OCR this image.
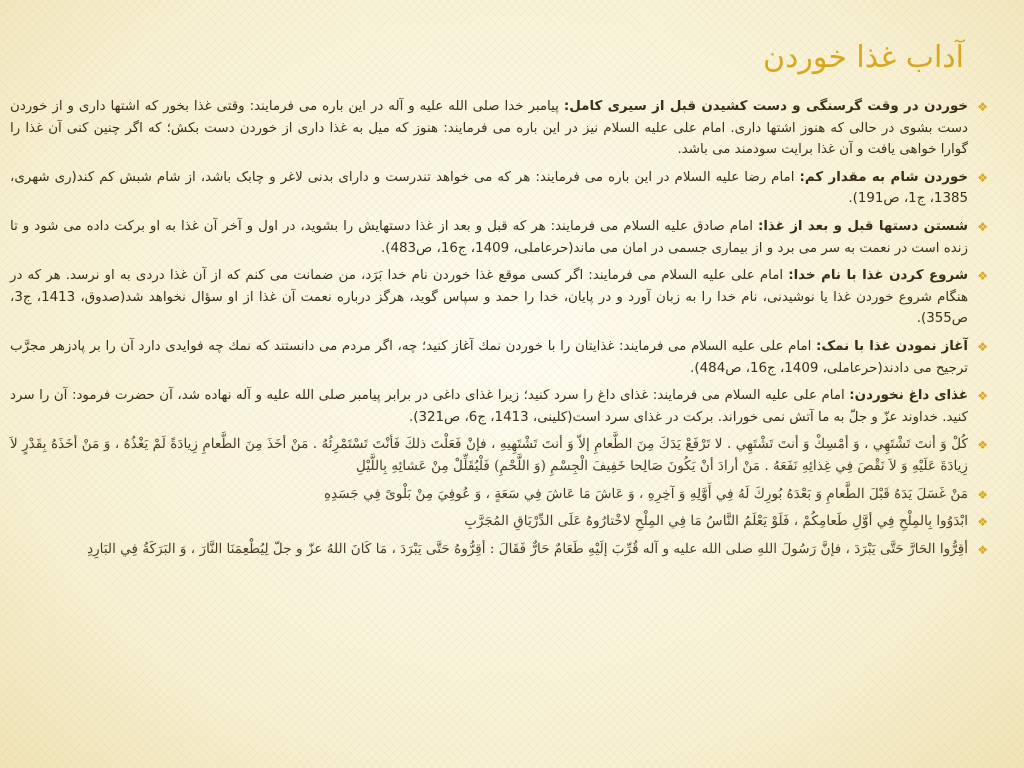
آداب غذا خوردن
❖
خوردن در وقت گرسنگی و دست کشیدن قبل از سیری کامل: پیامبر خدا صلی الله علیه و آله در این باره می فرمایند: وقتی غذا بخور که اشتها داری و از خوردن دست بشوی در حالی که هنوز اشتها داری. امام علی علیه السلام نیز در این باره می فرمایند: هنوز که میل به غذا داری از خوردن دست بکش؛ که اگر چنین کنی آن غذا را گوارا خواهی یافت و آن غذا برایت سودمند می باشد.
❖
خوردن شام به مقدار کم: امام رضا علیه السلام در این باره می فرمایند: هر که می خواهد تندرست و دارای بدنی لاغر و چابک باشد، از شام شبش کم کند(ری شهری، 1385، ج1، ص191).
❖
شستن دستها قبل و بعد از غذا: امام صادق علیه السلام می فرمایند: هر که قبل و بعد از غذا دستهایش را بشوید، در اول و آخر آن غذا به او برکت داده می شود و تا زنده است در نعمت به سر می برد و از بیماری جسمی در امان می ماند(حرعاملی، 1409، ج16، ص483).
❖
شروع کردن غذا با نام خدا: امام علی علیه السلام می فرمایند: اگر کسی موقع غذا خوردن نام خدا بَرَد، من ضمانت می کنم که از آن غذا دردی به او نرسد. هر که در هنگام شروع خوردن غذا یا نوشیدنی، نام خدا را به زبان آورد و در پایان، خدا را حمد و سپاس گوید، هرگز درباره نعمت آن غذا از او سؤال نخواهد شد(صدوق، 1413، ج3، ص355).
❖
آغاز نمودن غذا با نمک: امام علی علیه السلام می فرمایند: غذایتان را با خوردن نمك آغاز كنید؛ چه، اگر مردم می دانستند كه نمك چه فوایدی دارد آن را بر پادزهر مجرَّب ترجیح می دادند(حرعاملی، 1409، ج16، ص484).
❖
غذای داغ نخوردن: امام علی علیه السلام می فرمایند: غذای داغ را سرد کنید؛ زیرا غذای داغی در برابر پیامبر صلی الله علیه و آله نهاده شد، آن حضرت فرمود: آن را سرد کنید. خداوند عزّ و جلّ به ما آتش نمی خوراند. برکت در غذای سرد است(کلینی، 1413، ج6، ص321).
❖
كُلْ وَ أنتَ تَشْتَهِي ، وَ أمْسِكْ وَ أنتَ تَشْتَهِي . لا تَرْفَعْ يَدَكَ مِنَ الطَّعامِ إلاّ وَ أنتَ تَشْتَهِيهِ ، فإنْ فَعَلْتَ ذلكَ فَأنْتَ تَسْتَمْرِئُهُ . مَنْ أخَذَ مِنَ الطَّعامِ زِيادَةً لَمْ يَغْذُهُ ، وَ مَنْ أخَذَهُ بِقَدْرٍ لاَ زِيادَةَ عَلَيْهِ وَ لاَ نَقْصَ فِي غِذائِهِ نَفَعَهُ . مَنْ أرادَ أنْ يَكُونَ صَالِحا خَفِيفَ الْجِسْمِ (وَ اللَّحْمِ) فَلْيُقَلِّلْ مِنْ عَشائِهِ بِاللَّيْلِ
❖
مَنْ غَسَلَ يَدَهُ قَبْلَ الطَّعامِ وَ بَعْدَهُ بُورِكَ لَهُ فِي أَوَّلِهِ وَ آخِرِهِ ، وَ عَاشَ مَا عَاشَ فِي سَعَةٍ ، وَ عُوفِيَ مِنْ بَلْوىً فِي جَسَدِهِ
❖
ابْدَوُوا بِالمِلْحِ فِي أوَّلِ طَعامِكُمْ ، فَلَوْ يَعْلَمُ النَّاسُ مَا فِي المِلْحِ لاخْتارُوهُ عَلَى الدِّرْيَاقِ المُجَرَّبِ
❖
أقِرُّوا الحَارَّ حَتَّى يَبْرَدَ ، فإنَّ رَسُولَ اللهِ صلى الله عليه و آله قُرِّبَ إلَيْهِ طَعَامٌ حَارٌّ فَقَالَ : أقِرُّوهُ حَتَّى يَبْرَدَ ، مَا كَانَ اللهُ عزّ و جلّ لِيُطْعِمَنَا النَّارَ ، وَ البَرَكَةُ فِي البَارِدِ
